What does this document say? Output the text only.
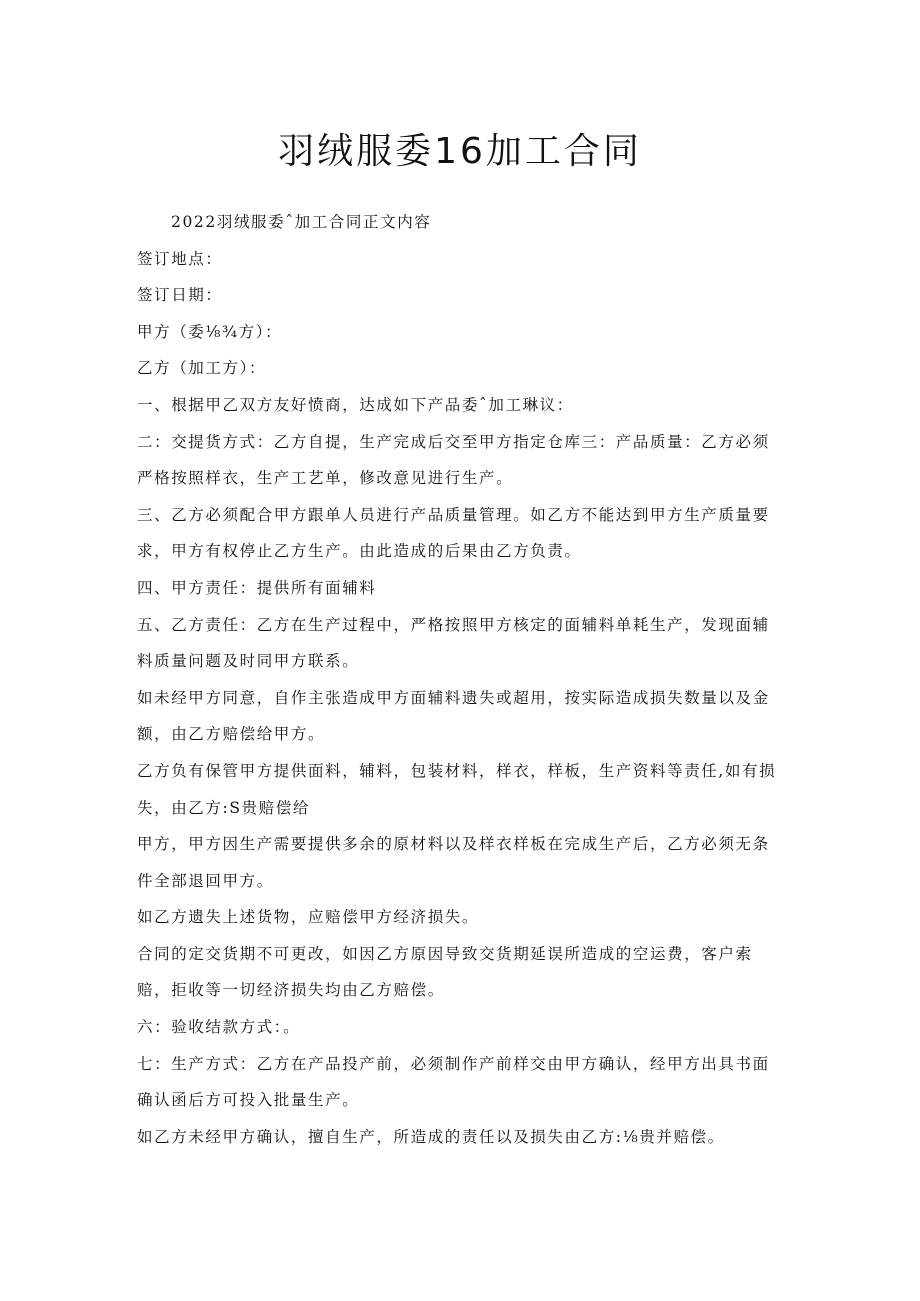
羽绒服委16加工合同

2022羽绒服委ˆ加工合同正文内容

签订地点：

签订日期：

甲方（委⅛¾方）：

乙方（加工方）：

一、根据甲乙双方友好愤商，达成如下产品委ˆ加工琳议：

二：交提货方式：乙方自提，生产完成后交至甲方指定仓库三：产品质量：乙方必须严格按照样衣，生产工艺单，修改意见进行生产。

三、乙方必须配合甲方跟单人员进行产品质量管理。如乙方不能达到甲方生产质量要求，甲方有权停止乙方生产。由此造成的后果由乙方负责。

四、甲方责任：提供所有面辅料

五、乙方责任：乙方在生产过程中，严格按照甲方核定的面辅料单耗生产，发现面辅料质量问题及时同甲方联系。

如未经甲方同意，自作主张造成甲方面辅料遗失或超用，按实际造成损失数量以及金额，由乙方赔偿给甲方。

乙方负有保管甲方提供面料，辅料，包装材料，样衣，样板，生产资料等责任,如有损失，由乙方:S贵赔偿给

甲方，甲方因生产需要提供多余的原材料以及样衣样板在完成生产后，乙方必须无条件全部退回甲方。

如乙方遗失上述货物，应赔偿甲方经济损失。

合同的定交货期不可更改，如因乙方原因导致交货期延误所造成的空运费，客户索赔，拒收等一切经济损失均由乙方赔偿。

六：验收结款方式：。

七：生产方式：乙方在产品投产前，必须制作产前样交由甲方确认，经甲方出具书面确认函后方可投入批量生产。

如乙方未经甲方确认，擅自生产，所造成的责任以及损失由乙方:⅛贵并赔偿。
